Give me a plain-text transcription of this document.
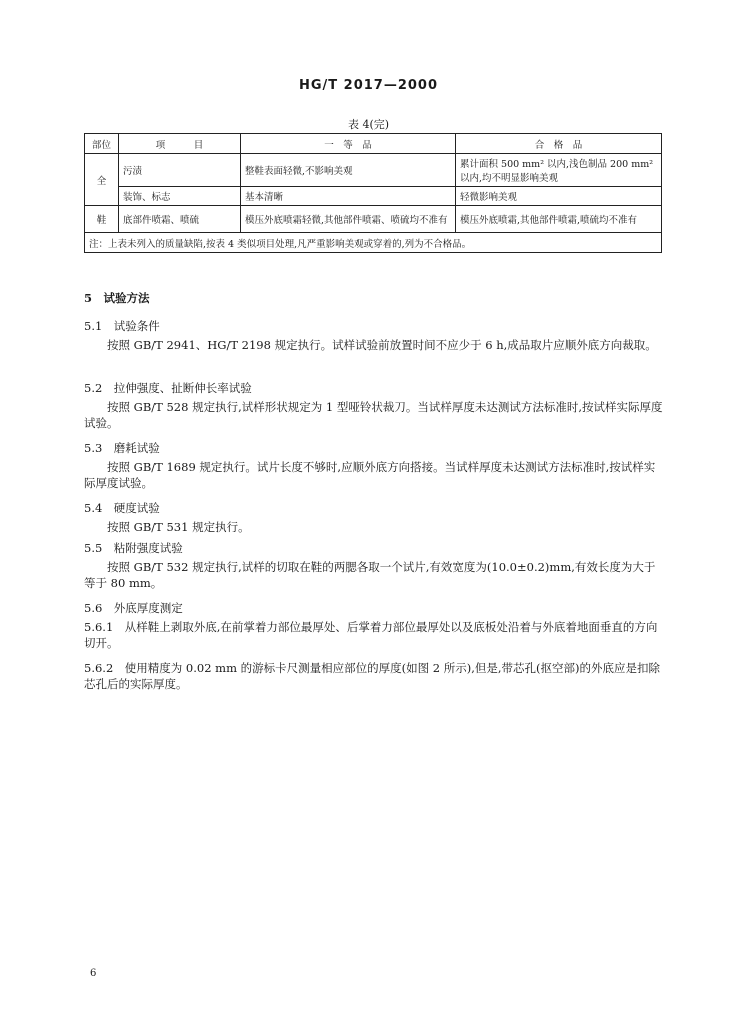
HG/T 2017—2000
表 4(完)
部位	项　　　目	一　等　品	合　格　品
全	污渍	整鞋表面轻微,不影响美观	累计面积 500 mm² 以内,浅色制品 200 mm² 以内,均不明显影响美观
	装饰、标志	基本清晰	轻微影响美观
鞋	底部件喷霜、喷硫	模压外底喷霜轻微,其他部件喷霜、喷硫均不准有	模压外底喷霜,其他部件喷霜,喷硫均不准有
注：上表未列入的质量缺陷,按表 4 类似项目处理,凡严重影响美观或穿着的,列为不合格品。			
5　试验方法
5.1　试验条件
按照 GB/T 2941、HG/T 2198 规定执行。试样试验前放置时间不应少于 6 h,成品取片应顺外底方向裁取。
5.2　拉伸强度、扯断伸长率试验
按照 GB/T 528 规定执行,试样形状规定为 1 型哑铃状裁刀。当试样厚度未达测试方法标准时,按试样实际厚度试验。
5.3　磨耗试验
按照 GB/T 1689 规定执行。试片长度不够时,应顺外底方向搭接。当试样厚度未达测试方法标准时,按试样实际厚度试验。
5.4　硬度试验
按照 GB/T 531 规定执行。
5.5　粘附强度试验
按照 GB/T 532 规定执行,试样的切取在鞋的两腮各取一个试片,有效宽度为(10.0±0.2)mm,有效长度为大于等于 80 mm。
5.6　外底厚度测定
5.6.1　从样鞋上剥取外底,在前掌着力部位最厚处、后掌着力部位最厚处以及底板处沿着与外底着地面垂直的方向切开。
5.6.2　使用精度为 0.02 mm 的游标卡尺测量相应部位的厚度(如图 2 所示),但是,带芯孔(抠空部)的外底应是扣除芯孔后的实际厚度。
6
